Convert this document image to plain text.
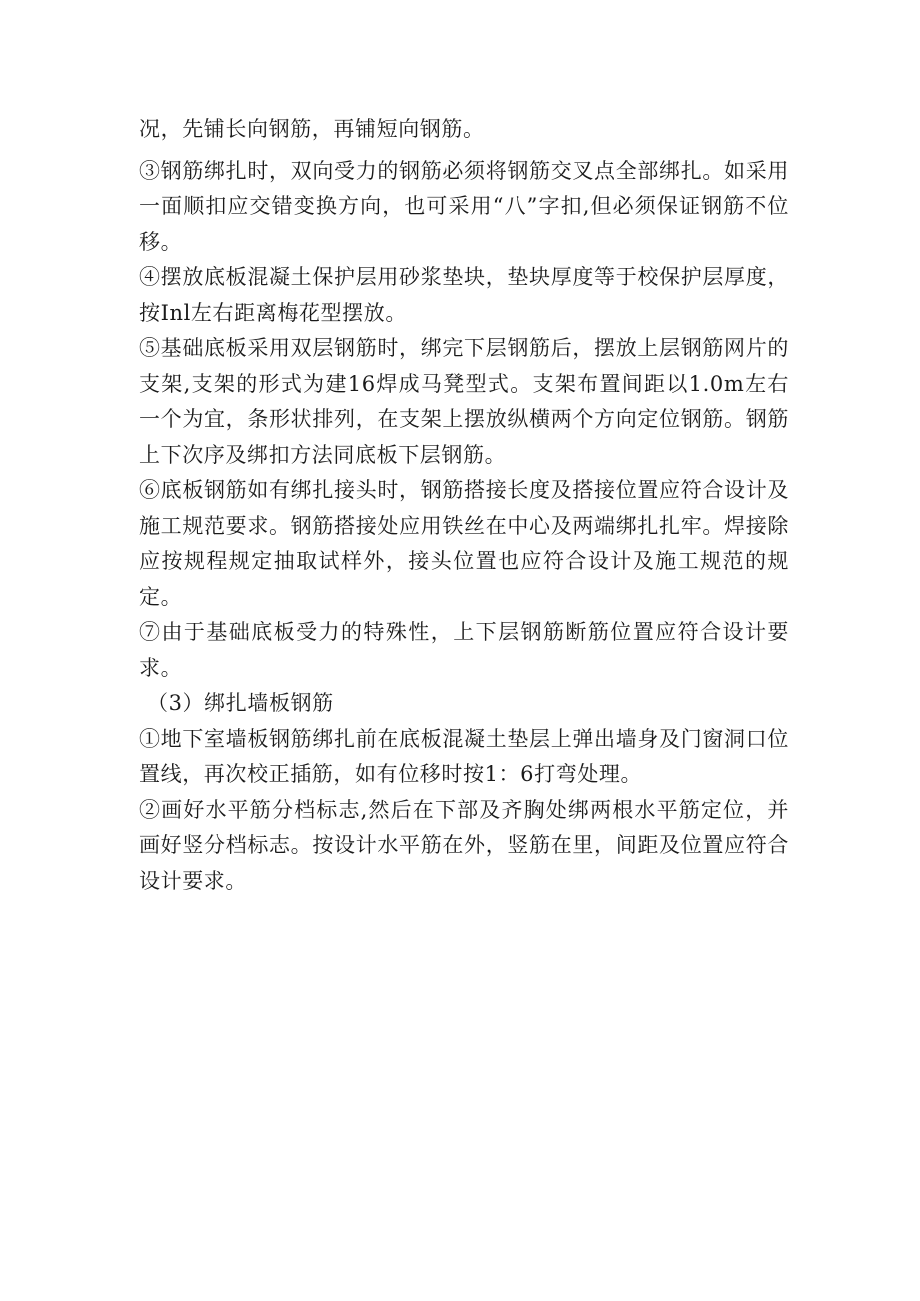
况，先铺长向钢筋，再铺短向钢筋。

③钢筋绑扎时，双向受力的钢筋必须将钢筋交叉点全部绑扎。如采用一面顺扣应交错变换方向，也可采用“八”字扣,但必须保证钢筋不位移。

④摆放底板混凝土保护层用砂浆垫块，垫块厚度等于校保护层厚度，按Inl左右距离梅花型摆放。

⑤基础底板采用双层钢筋时，绑完下层钢筋后，摆放上层钢筋网片的支架,支架的形式为建16焊成马凳型式。支架布置间距以1.0m左右一个为宜，条形状排列，在支架上摆放纵横两个方向定位钢筋。钢筋上下次序及绑扣方法同底板下层钢筋。

⑥底板钢筋如有绑扎接头时，钢筋搭接长度及搭接位置应符合设计及施工规范要求。钢筋搭接处应用铁丝在中心及两端绑扎扎牢。焊接除应按规程规定抽取试样外，接头位置也应符合设计及施工规范的规定。

⑦由于基础底板受力的特殊性，上下层钢筋断筋位置应符合设计要求。

（3）绑扎墙板钢筋

①地下室墙板钢筋绑扎前在底板混凝土垫层上弹出墙身及门窗洞口位置线，再次校正插筋，如有位移时按1：6打弯处理。

②画好水平筋分档标志,然后在下部及齐胸处绑两根水平筋定位，并画好竖分档标志。按设计水平筋在外，竖筋在里，间距及位置应符合设计要求。
